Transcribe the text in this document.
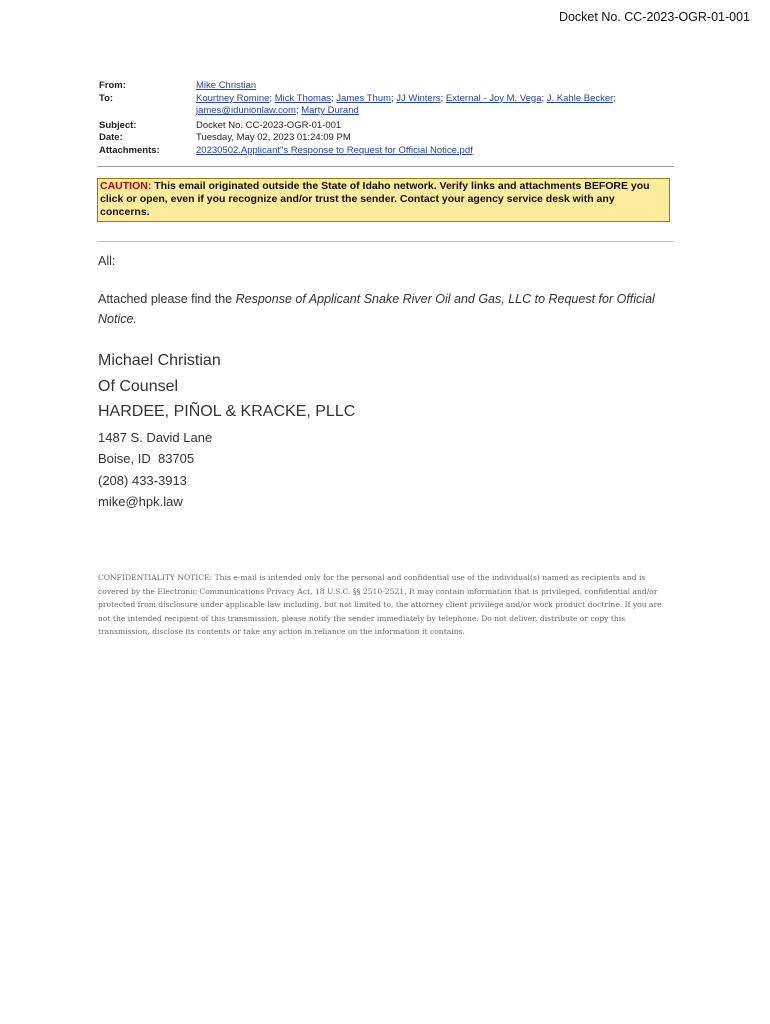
Docket No. CC-2023-OGR-01-001
From:	Mike Christian
To:	Kourtney Romine; Mick Thomas; James Thum; JJ Winters; External - Joy M. Vega; J. Kahle Becker;
james@idunionlaw.com; Marty Durand
Subject:	Docket No. CC-2023-OGR-01-001
Date:	Tuesday, May 02, 2023 01:24:09 PM
Attachments:	20230502.Applicant"s Response to Request for Official Notice.pdf
CAUTION: This email originated outside the State of Idaho network. Verify links and attachments BEFORE you click or open, even if you recognize and/or trust the sender. Contact your agency service desk with any concerns.
All:
Attached please find the Response of Applicant Snake River Oil and Gas, LLC to Request for Official Notice.
Michael Christian
Of Counsel
HARDEE, PIÑOL & KRACKE, PLLC
1487 S. David Lane
Boise, ID  83705
(208) 433-3913
mike@hpk.law
CONFIDENTIALITY NOTICE: This e-mail is intended only for the personal and confidential use of the individual(s) named as recipients and is covered by the Electronic Communications Privacy Act, 18 U.S.C. §§ 2510-2521. It may contain information that is privileged, confidential and/or protected from disclosure under applicable law including, but not limited to, the attorney client privilege and/or work product doctrine. If you are not the intended recipient of this transmission, please notify the sender immediately by telephone. Do not deliver, distribute or copy this transmission, disclose its contents or take any action in reliance on the information it contains.
